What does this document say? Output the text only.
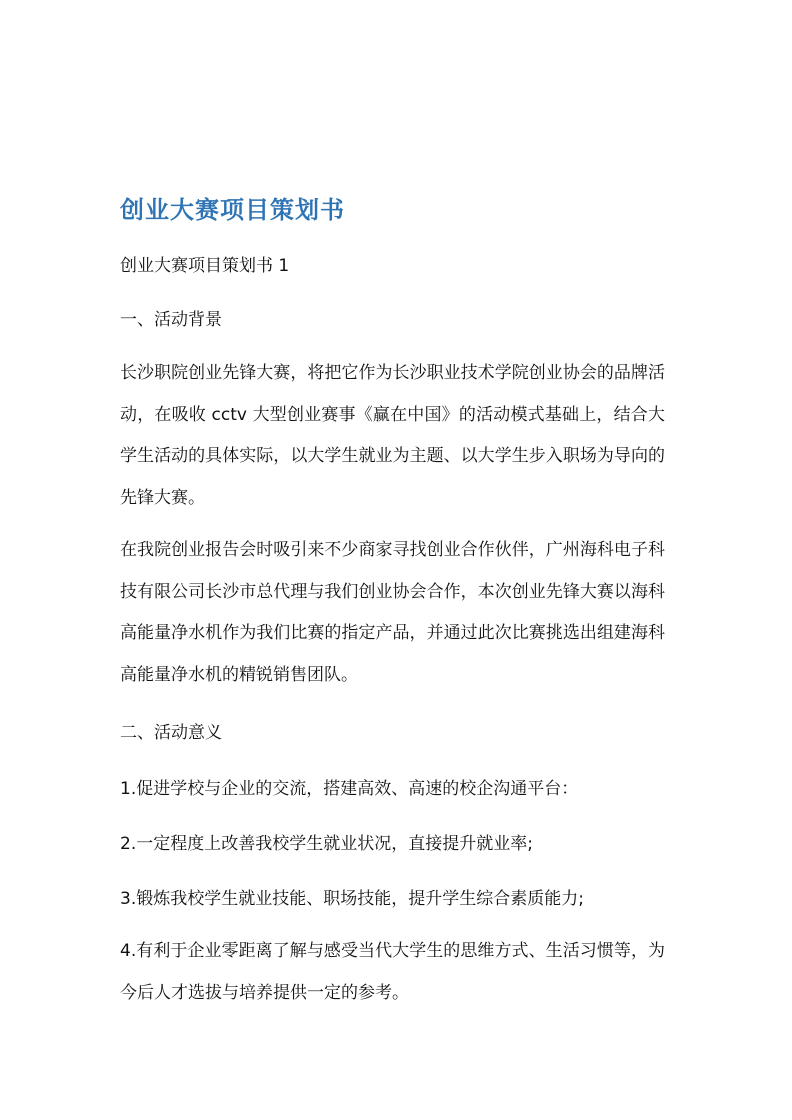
创业大赛项目策划书

创业大赛项目策划书 1

一、活动背景

长沙职院创业先锋大赛，将把它作为长沙职业技术学院创业协会的品牌活动，在吸收 cctv 大型创业赛事《赢在中国》的活动模式基础上，结合大学生活动的具体实际，以大学生就业为主题、以大学生步入职场为导向的先锋大赛。

在我院创业报告会时吸引来不少商家寻找创业合作伙伴，广州海科电子科技有限公司长沙市总代理与我们创业协会合作，本次创业先锋大赛以海科高能量净水机作为我们比赛的指定产品，并通过此次比赛挑选出组建海科高能量净水机的精锐销售团队。

二、活动意义

1.促进学校与企业的交流，搭建高效、高速的校企沟通平台：

2.一定程度上改善我校学生就业状况，直接提升就业率;

3.锻炼我校学生就业技能、职场技能，提升学生综合素质能力;

4.有利于企业零距离了解与感受当代大学生的思维方式、生活习惯等，为今后人才选拔与培养提供一定的参考。
